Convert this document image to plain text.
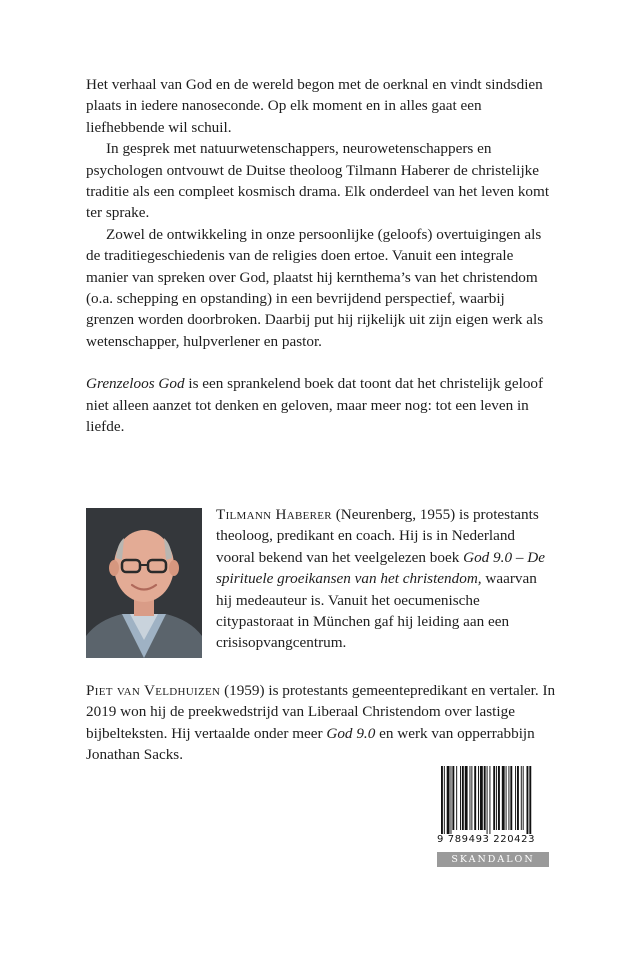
Het verhaal van God en de wereld begon met de oerknal en vindt sindsdien plaats in iedere nanoseconde. Op elk moment en in alles gaat een liefhebbende wil schuil.

In gesprek met natuurwetenschappers, neurowetenschappers en psychologen ontvouwt de Duitse theoloog Tilmann Haberer de christelijke traditie als een compleet kosmisch drama. Elk onderdeel van het leven komt ter sprake.

Zowel de ontwikkeling in onze persoonlijke (geloofs) overtuigingen als de traditiegeschiedenis van de religies doen ertoe. Vanuit een integrale manier van spreken over God, plaatst hij kernthema’s van het christendom (o.a. schepping en opstanding) in een bevrijdend perspectief, waarbij grenzen worden doorbroken. Daarbij put hij rijkelijk uit zijn eigen werk als wetenschapper, hulpverlener en pastor.

Grenzeloos God is een sprankelend boek dat toont dat het christelijk geloof niet alleen aanzet tot denken en geloven, maar meer nog: tot een leven in liefde.

Tilmann Haberer (Neurenberg, 1955) is protestants theoloog, predikant en coach. Hij is in Nederland vooral bekend van het veelgelezen boek God 9.0 – De spirituele groeikansen van het christendom, waarvan hij medeauteur is. Vanuit het oecumenische citypastoraat in München gaf hij leiding aan een crisisopvangcentrum.

Piet van Veldhuizen (1959) is protestants gemeentepredikant en vertaler. In 2019 won hij de preekwedstrijd van Liberaal Christendom over lastige bijbelteksten. Hij vertaalde onder meer God 9.0 en werk van opperrabbijn Jonathan Sacks.

9 789493 220423
SKANDALON
